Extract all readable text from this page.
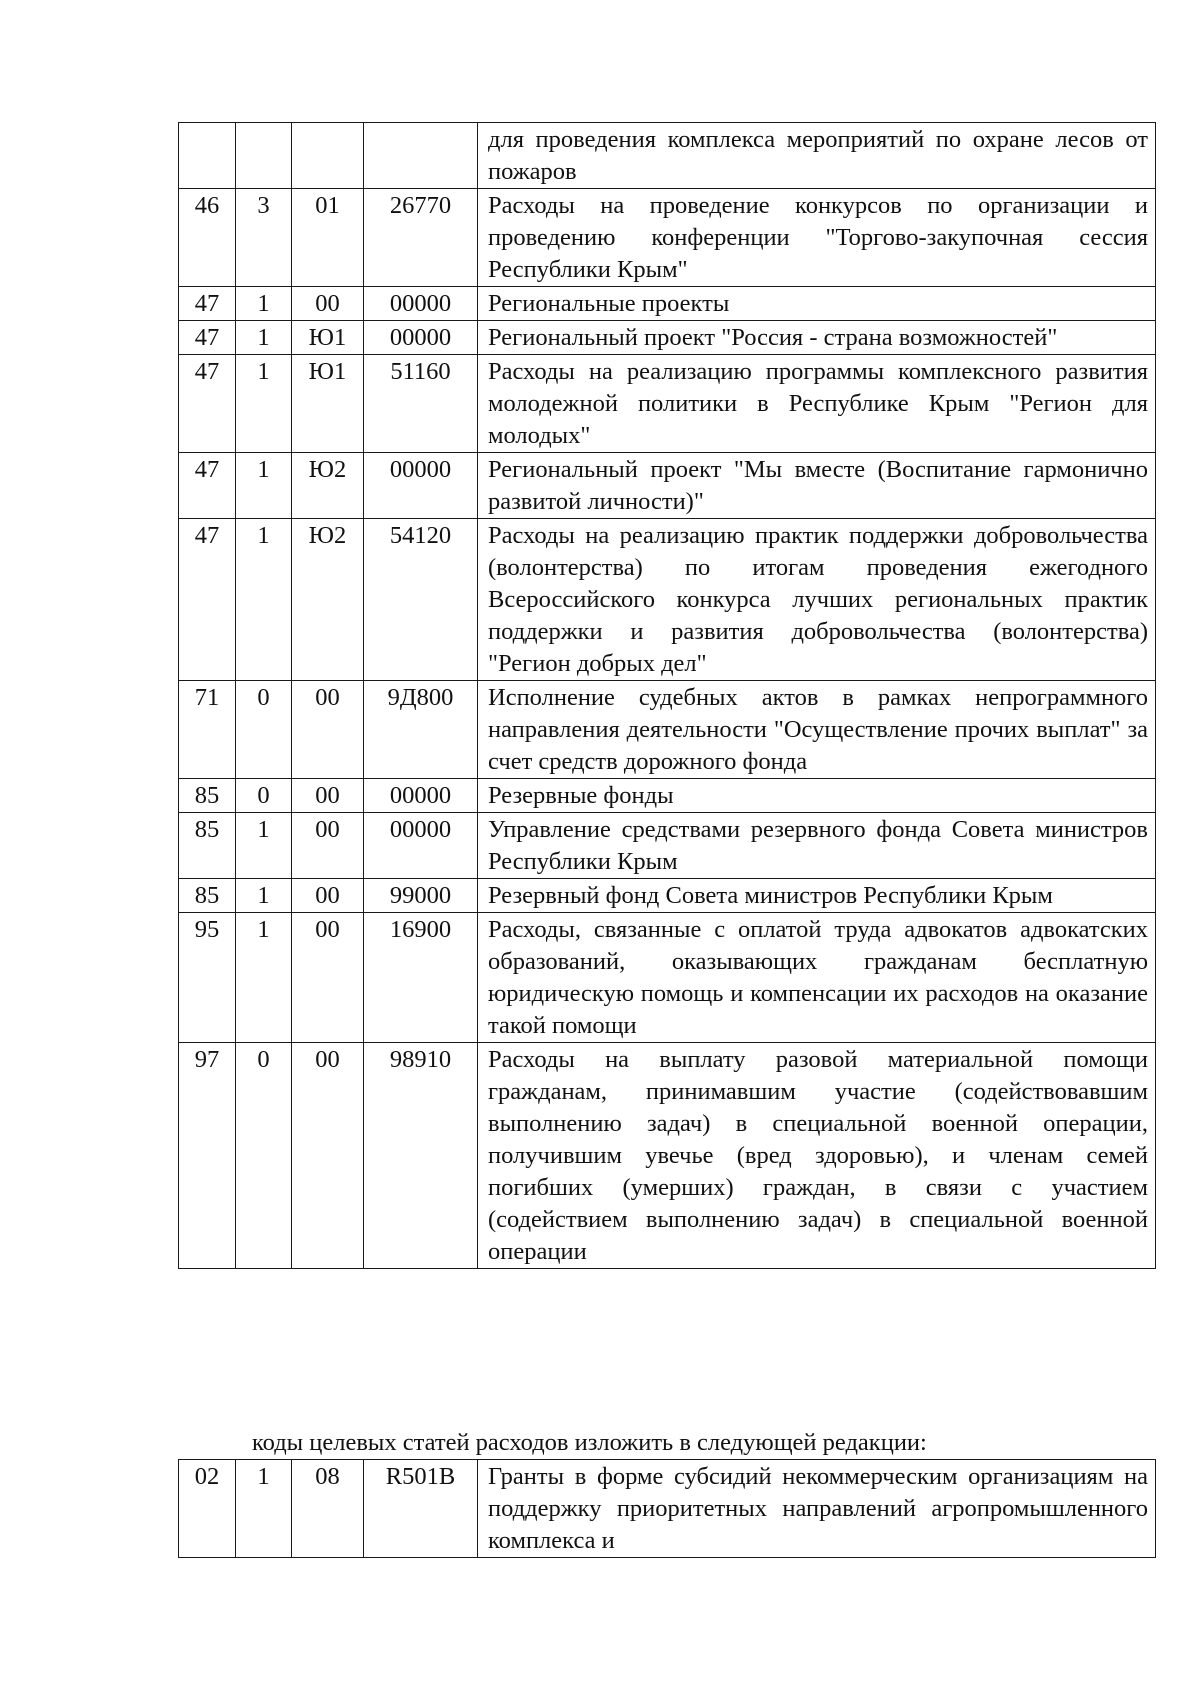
				для проведения комплекса мероприятий по охране лесов от пожаров
46	3	01	26770	Расходы на проведение конкурсов по организации и проведению конференции "Торгово-закупочная сессия Республики Крым"
47	1	00	00000	Региональные проекты
47	1	Ю1	00000	Региональный проект "Россия - страна возможностей"
47	1	Ю1	51160	Расходы на реализацию программы комплексного развития молодежной политики в Республике Крым "Регион для молодых"
47	1	Ю2	00000	Региональный проект "Мы вместе (Воспитание гармонично развитой личности)"
47	1	Ю2	54120	Расходы на реализацию практик поддержки добровольчества (волонтерства) по итогам проведения ежегодного Всероссийского конкурса лучших региональных практик поддержки и развития добровольчества (волонтерства) "Регион добрых дел"
71	0	00	9Д800	Исполнение судебных актов в рамках непрограммного направления деятельности "Осуществление прочих выплат" за счет средств дорожного фонда
85	0	00	00000	Резервные фонды
85	1	00	00000	Управление средствами резервного фонда Совета министров Республики Крым
85	1	00	99000	Резервный фонд Совета министров Республики Крым
95	1	00	16900	Расходы, связанные с оплатой труда адвокатов адвокатских образований, оказывающих гражданам бесплатную юридическую помощь и компенсации их расходов на оказание такой помощи
97	0	00	98910	Расходы на выплату разовой материальной помощи гражданам, принимавшим участие (содействовавшим выполнению задач) в специальной военной операции, получившим увечье (вред здоровью), и членам семей погибших (умерших) граждан, в связи с участием (содействием выполнению задач) в специальной военной операции
коды целевых статей расходов изложить в следующей редакции:
02	1	08	R501B	Гранты в форме субсидий некоммерческим организациям на поддержку приоритетных направлений агропромышленного комплекса и
